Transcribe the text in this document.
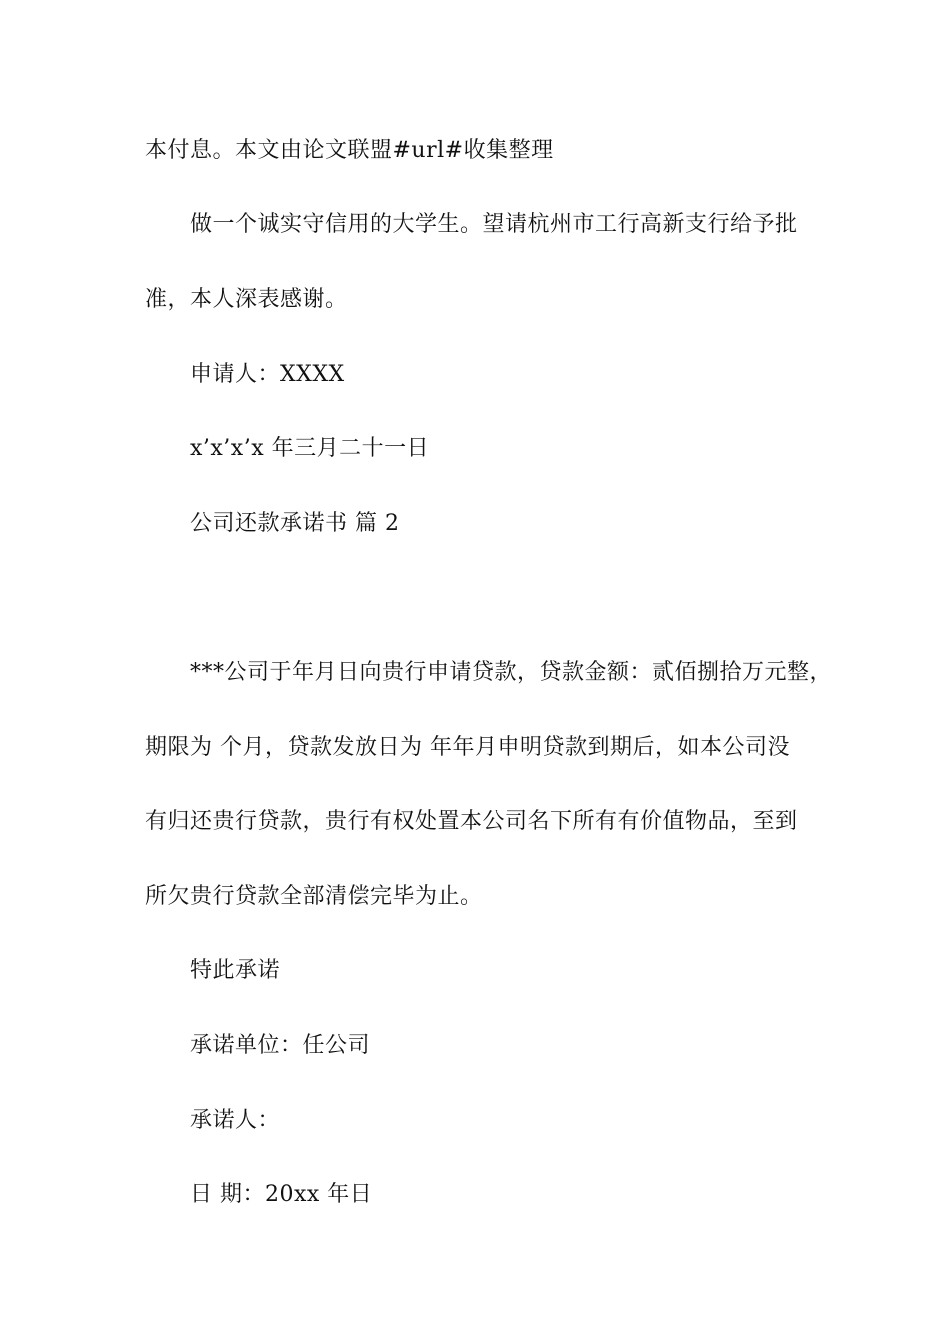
本付息。本文由论文联盟#url#收集整理
做一个诚实守信用的大学生。望请杭州市工行高新支行给予批
准，本人深表感谢。
申请人：XXXX
x’x’x’x 年三月二十一日
公司还款承诺书 篇 2
***公司于年月日向贵行申请贷款，贷款金额：贰佰捌拾万元整，
期限为 个月，贷款发放日为 年年月申明贷款到期后，如本公司没
有归还贵行贷款，贵行有权处置本公司名下所有有价值物品，至到
所欠贵行贷款全部清偿完毕为止。
特此承诺
承诺单位：任公司
承诺人：
日 期：20xx 年日
